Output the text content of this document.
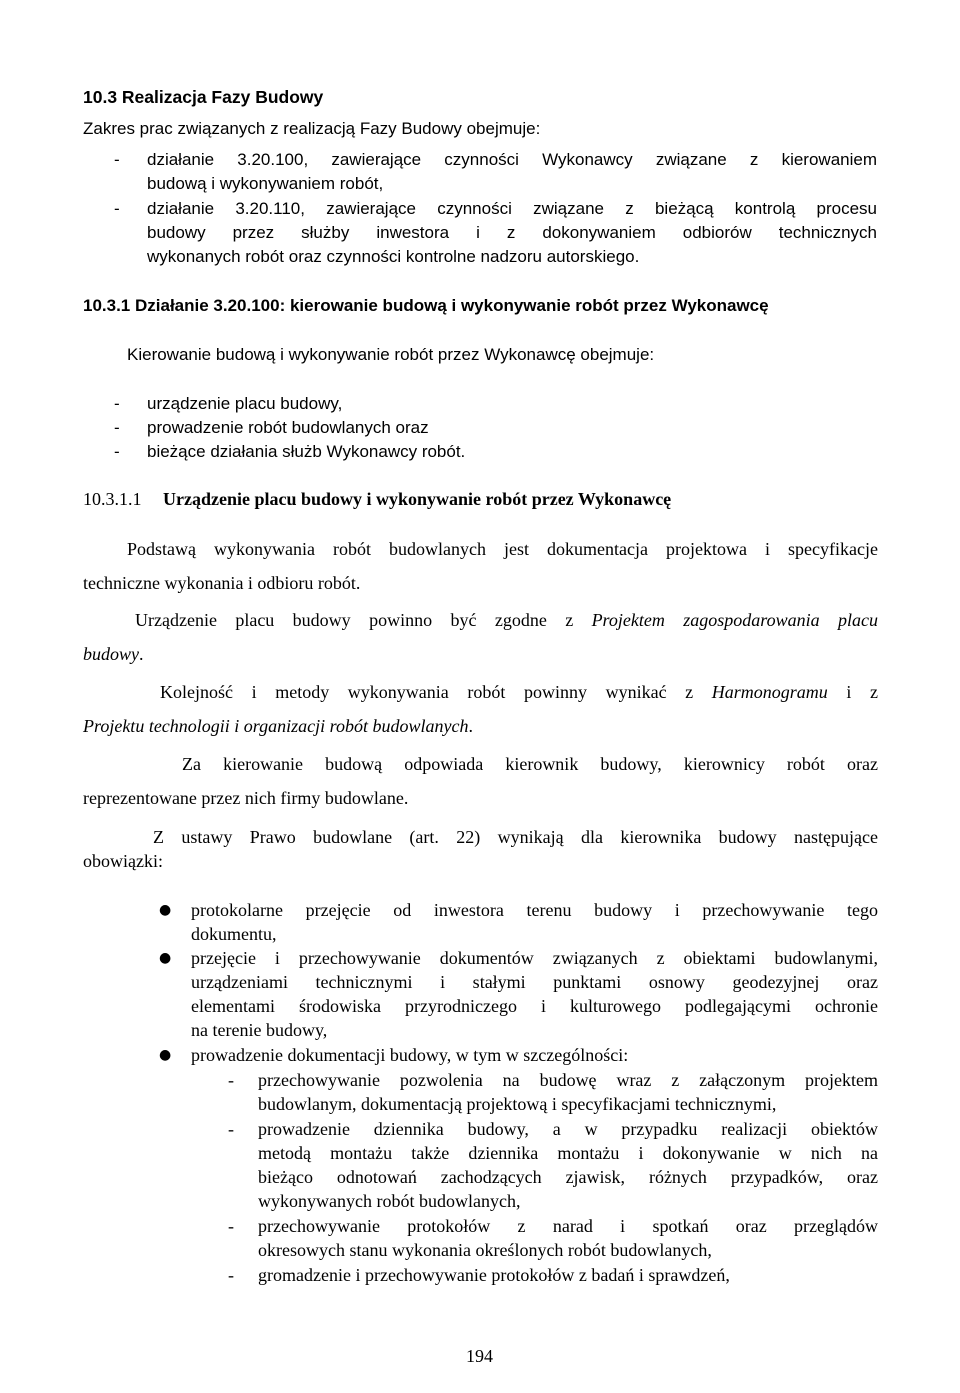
10.3 Realizacja Fazy Budowy
Zakres prac związanych z realizacją Fazy Budowy obejmuje:
- działanie 3.20.100, zawierające czynności Wykonawcy związane z kierowaniem
budową i wykonywaniem robót,
- działanie 3.20.110, zawierające czynności związane z bieżącą kontrolą procesu
budowy przez służby inwestora i z dokonywaniem odbiorów technicznych
wykonanych robót oraz czynności kontrolne nadzoru autorskiego.
10.3.1 Działanie 3.20.100: kierowanie budową i wykonywanie robót przez Wykonawcę
Kierowanie budową i wykonywanie robót przez Wykonawcę obejmuje:
- urządzenie placu budowy,
- prowadzenie robót budowlanych oraz
- bieżące działania służb Wykonawcy robót.
10.3.1.1 Urządzenie placu budowy i wykonywanie robót przez Wykonawcę
Podstawą wykonywania robót budowlanych jest dokumentacja projektowa i specyfikacje
techniczne wykonania i odbioru robót.
Urządzenie placu budowy powinno być zgodne z Projektem zagospodarowania placu
budowy.
Kolejność i metody wykonywania robót powinny wynikać z Harmonogramu i z
Projektu technologii i organizacji robót budowlanych.
Za kierowanie budową odpowiada kierownik budowy, kierownicy robót oraz
reprezentowane przez nich firmy budowlane.
Z ustawy Prawo budowlane (art. 22) wynikają dla kierownika budowy następujące
obowiązki:
● protokolarne przejęcie od inwestora terenu budowy i przechowywanie tego
dokumentu,
● przejęcie i przechowywanie dokumentów związanych z obiektami budowlanymi,
urządzeniami technicznymi i stałymi punktami osnowy geodezyjnej oraz
elementami środowiska przyrodniczego i kulturowego podlegającymi ochronie
na terenie budowy,
● prowadzenie dokumentacji budowy, w tym w szczególności:
- przechowywanie pozwolenia na budowę wraz z załączonym projektem
budowlanym, dokumentacją projektową i specyfikacjami technicznymi,
- prowadzenie dziennika budowy, a w przypadku realizacji obiektów
metodą montażu także dziennika montażu i dokonywanie w nich na
bieżąco odnotowań zachodzących zjawisk, różnych przypadków, oraz
wykonywanych robót budowlanych,
- przechowywanie protokołów z narad i spotkań oraz przeglądów
okresowych stanu wykonania określonych robót budowlanych,
- gromadzenie i przechowywanie protokołów z badań i sprawdzeń,
194
